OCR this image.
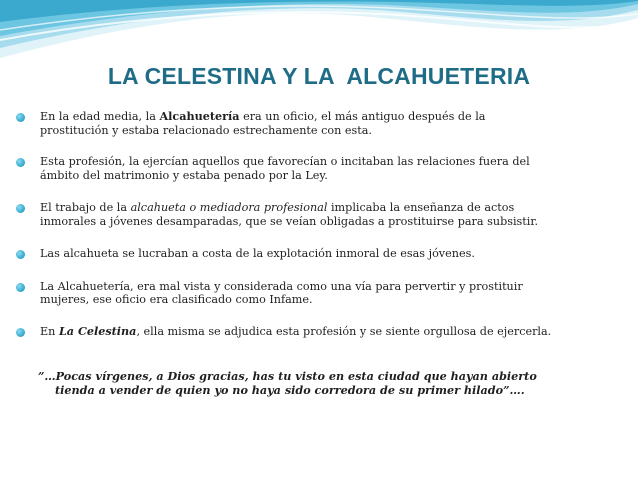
LA CELESTINA Y LA  ALCAHUETERIA
En la edad media, la Alcahuetería era un oficio, el más antiguo después de la
prostitución y estaba relacionado estrechamente con esta.
Esta profesión, la ejercían aquellos que favorecían o incitaban las relaciones fuera del
ámbito del matrimonio y estaba penado por la Ley.
El trabajo de la alcahueta o mediadora profesional implicaba la enseñanza de actos
inmorales a jóvenes desamparadas, que se veían obligadas a prostituirse para subsistir.
Las alcahueta se lucraban a costa de la explotación inmoral de esas jóvenes.
La Alcahuetería, era mal vista y considerada como una vía para pervertir y prostituir
mujeres, ese oficio era clasificado como Infame.
En La Celestina, ella misma se adjudica esta profesión y se siente orgullosa de ejercerla.
”…Pocas vírgenes, a Dios gracias, has tu visto en esta ciudad que hayan abierto
tienda a vender de quien yo no haya sido corredora de su primer hilado”….
